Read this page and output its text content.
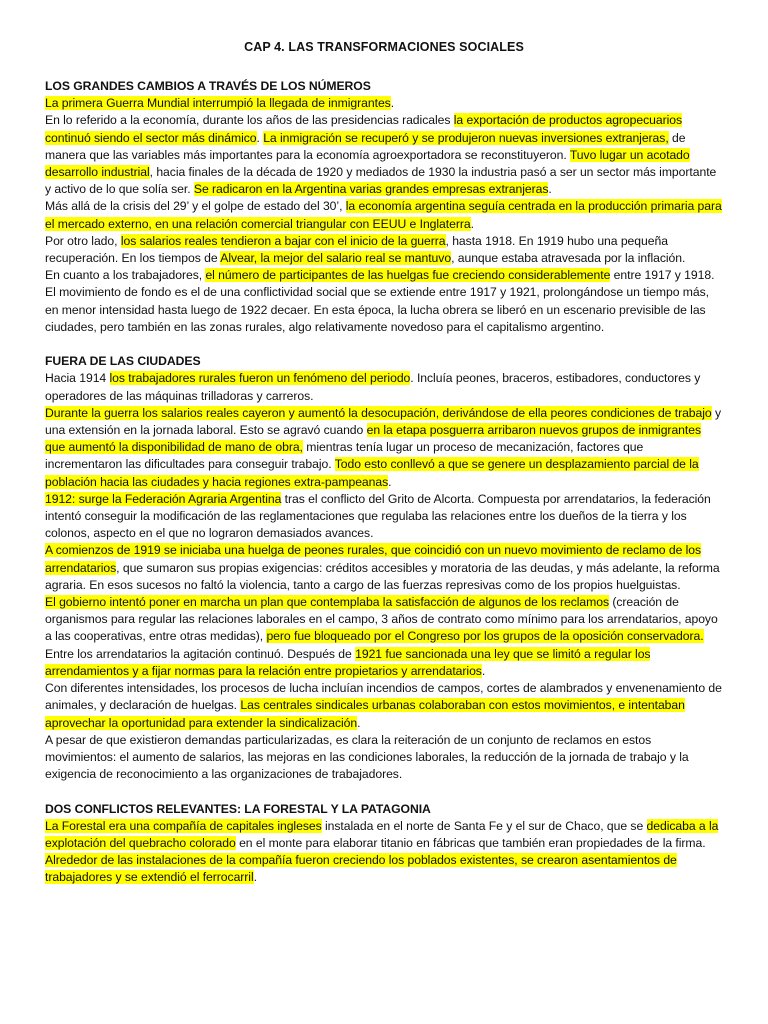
CAP 4. LAS TRANSFORMACIONES SOCIALES
LOS GRANDES CAMBIOS A TRAVÉS DE LOS NÚMEROS
La primera Guerra Mundial interrumpió la llegada de inmigrantes.
En lo referido a la economía, durante los años de las presidencias radicales la exportación de productos agropecuarios continuó siendo el sector más dinámico. La inmigración se recuperó y se produjeron nuevas inversiones extranjeras, de manera que las variables más importantes para la economía agroexportadora se reconstituyeron. Tuvo lugar un acotado desarrollo industrial, hacia finales de la década de 1920 y mediados de 1930 la industria pasó a ser un sector más importante y activo de lo que solía ser. Se radicaron en la Argentina varias grandes empresas extranjeras.
Más allá de la crisis del 29’ y el golpe de estado del 30’, la economía argentina seguía centrada en la producción primaria para el mercado externo, en una relación comercial triangular con EEUU e Inglaterra.
Por otro lado, los salarios reales tendieron a bajar con el inicio de la guerra, hasta 1918. En 1919 hubo una pequeña recuperación. En los tiempos de Alvear, la mejor del salario real se mantuvo, aunque estaba atravesada por la inflación.
En cuanto a los trabajadores, el número de participantes de las huelgas fue creciendo considerablemente entre 1917 y 1918. El movimiento de fondo es el de una conflictividad social que se extiende entre 1917 y 1921, prolongándose un tiempo más, en menor intensidad hasta luego de 1922 decaer. En esta época, la lucha obrera se liberó en un escenario previsible de las ciudades, pero también en las zonas rurales, algo relativamente novedoso para el capitalismo argentino.
FUERA DE LAS CIUDADES
Hacia 1914 los trabajadores rurales fueron un fenómeno del periodo. Incluía peones, braceros, estibadores, conductores y operadores de las máquinas trilladoras y carreros.
Durante la guerra los salarios reales cayeron y aumentó la desocupación, derivándose de ella peores condiciones de trabajo y una extensión en la jornada laboral. Esto se agravó cuando en la etapa posguerra arribaron nuevos grupos de inmigrantes que aumentó la disponibilidad de mano de obra, mientras tenía lugar un proceso de mecanización, factores que incrementaron las dificultades para conseguir trabajo. Todo esto conllevó a que se genere un desplazamiento parcial de la población hacia las ciudades y hacia regiones extra-pampeanas.
1912: surge la Federación Agraria Argentina tras el conflicto del Grito de Alcorta. Compuesta por arrendatarios, la federación intentó conseguir la modificación de las reglamentaciones que regulaba las relaciones entre los dueños de la tierra y los colonos, aspecto en el que no lograron demasiados avances.
A comienzos de 1919 se iniciaba una huelga de peones rurales, que coincidió con un nuevo movimiento de reclamo de los arrendatarios, que sumaron sus propias exigencias: créditos accesibles y moratoria de las deudas, y más adelante, la reforma agraria. En esos sucesos no faltó la violencia, tanto a cargo de las fuerzas represivas como de los propios huelguistas.
El gobierno intentó poner en marcha un plan que contemplaba la satisfacción de algunos de los reclamos (creación de organismos para regular las relaciones laborales en el campo, 3 años de contrato como mínimo para los arrendatarios, apoyo a las cooperativas, entre otras medidas), pero fue bloqueado por el Congreso por los grupos de la oposición conservadora. Entre los arrendatarios la agitación continuó. Después de 1921 fue sancionada una ley que se limitó a regular los arrendamientos y a fijar normas para la relación entre propietarios y arrendatarios.
Con diferentes intensidades, los procesos de lucha incluían incendios de campos, cortes de alambrados y envenenamiento de animales, y declaración de huelgas. Las centrales sindicales urbanas colaboraban con estos movimientos, e intentaban aprovechar la oportunidad para extender la sindicalización.
A pesar de que existieron demandas particularizadas, es clara la reiteración de un conjunto de reclamos en estos movimientos: el aumento de salarios, las mejoras en las condiciones laborales, la reducción de la jornada de trabajo y la exigencia de reconocimiento a las organizaciones de trabajadores.
DOS CONFLICTOS RELEVANTES: LA FORESTAL Y LA PATAGONIA
La Forestal era una compañía de capitales ingleses instalada en el norte de Santa Fe y el sur de Chaco, que se dedicaba a la explotación del quebracho colorado en el monte para elaborar titanio en fábricas que también eran propiedades de la firma. Alrededor de las instalaciones de la compañía fueron creciendo los poblados existentes, se crearon asentamientos de trabajadores y se extendió el ferrocarril.
